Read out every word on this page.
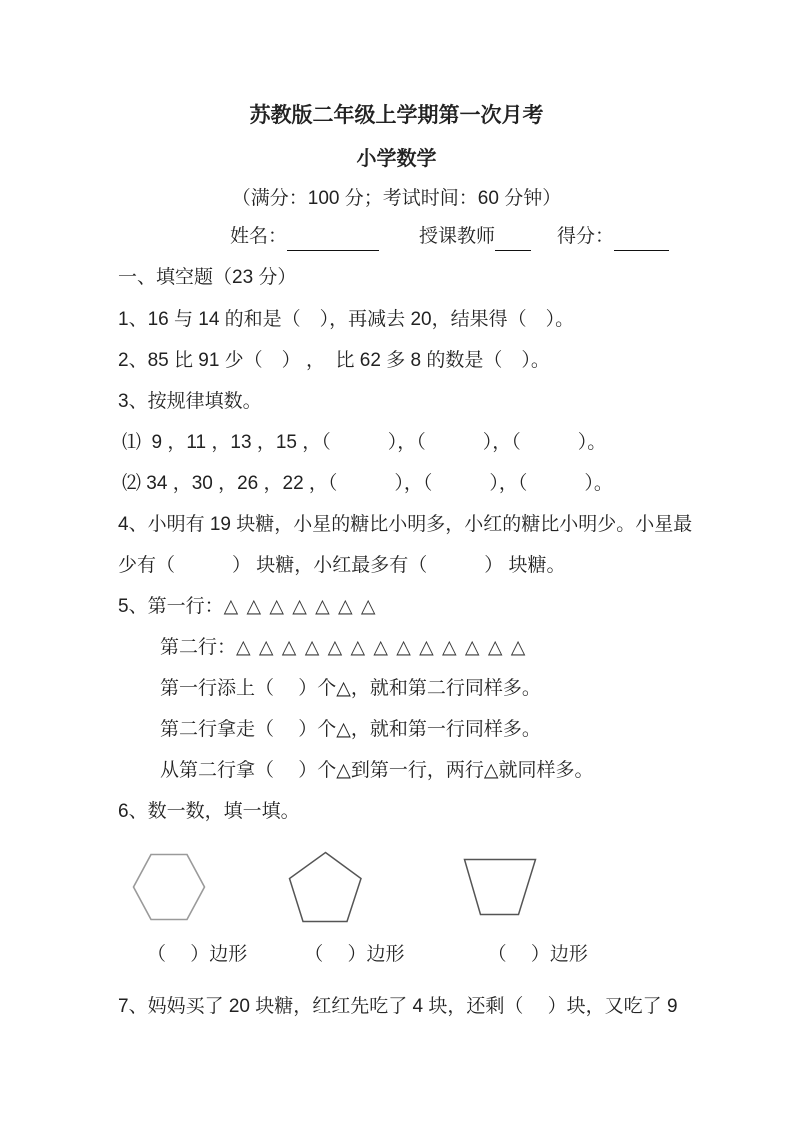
苏教版二年级上学期第一次月考
小学数学
（满分：100 分；考试时间：60 分钟）
姓名：	授课教师	得分：
一、填空题（23 分）
1、16 与 14 的和是（　），再减去 20，结果得（　）。
2、85 比 91 少（　） ，  比 62 多 8 的数是（　）。
3、按规律填数。
⑴  9 ，11 ，13 ，15 ，（　　　），（　　　），（　　　）。
⑵ 34 ，30 ，26 ，22 ，（　　　），（　　　），（　　　）。
4、小明有 19 块糖，小星的糖比小明多，小红的糖比小明少。小星最
少有（　　　） 块糖，小红最多有（　　　） 块糖。
5、第一行：△ △ △ △ △ △ △
第二行：△ △ △ △ △ △ △ △ △ △ △ △ △
第一行添上（　 ）个△，就和第二行同样多。
第二行拿走（　 ）个△，就和第一行同样多。
从第二行拿（　 ）个△到第一行，两行△就同样多。
6、数一数，填一填。
（　 ）边形	（　 ）边形	（　 ）边形
7、妈妈买了 20 块糖，红红先吃了 4 块，还剩（　 ）块，又吃了 9
